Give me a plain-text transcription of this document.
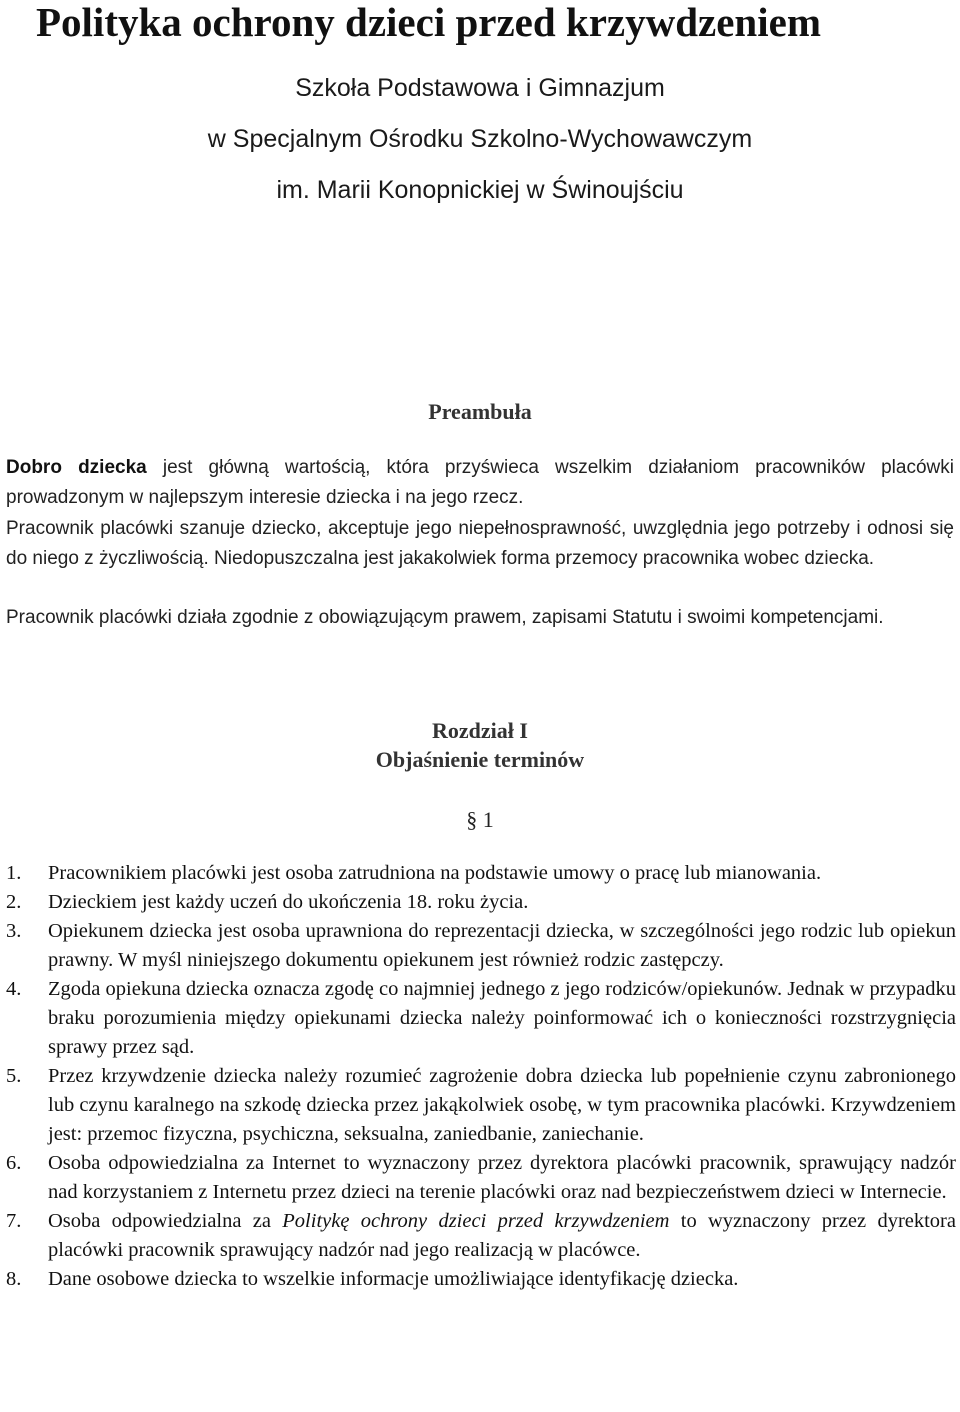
Polityka ochrony dzieci przed krzywdzeniem
Szkoła Podstawowa i Gimnazjum
w Specjalnym Ośrodku Szkolno-Wychowawczym
im. Marii Konopnickiej w Świnoujściu
Preambuła

Dobro dziecka jest główną wartością, która przyświeca wszelkim działaniom pracowników placówki prowadzonym w najlepszym interesie dziecka i na jego rzecz.

Pracownik placówki szanuje dziecko, akceptuje jego niepełnosprawność, uwzględnia jego potrzeby i odnosi się do niego z życzliwością. Niedopuszczalna jest jakakolwiek forma przemocy pracownika wobec dziecka.

Pracownik placówki działa zgodnie z obowiązującym prawem, zapisami Statutu i swoimi kompetencjami.

Rozdział I
Objaśnienie terminów
§ 1
1.	Pracownikiem placówki jest osoba zatrudniona na podstawie umowy o pracę lub mianowania.
2.	Dzieckiem jest każdy uczeń do ukończenia 18. roku życia.
3.	Opiekunem dziecka jest osoba uprawniona do reprezentacji dziecka, w szczególności jego rodzic lub opiekun prawny. W myśl niniejszego dokumentu opiekunem jest również rodzic zastępczy.
4.	Zgoda opiekuna dziecka oznacza zgodę co najmniej jednego z jego rodziców/opiekunów. Jednak w przypadku braku porozumienia między opiekunami dziecka należy poinformować ich o konieczności rozstrzygnięcia sprawy przez sąd.
5.	Przez krzywdzenie dziecka należy rozumieć zagrożenie dobra dziecka lub popełnienie czynu zabronionego lub czynu karalnego na szkodę dziecka przez jakąkolwiek osobę, w tym pracownika placówki. Krzywdzeniem jest: przemoc fizyczna, psychiczna, seksualna, zaniedbanie, zaniechanie.
6.	Osoba odpowiedzialna za Internet to wyznaczony przez dyrektora placówki pracownik, sprawujący nadzór nad korzystaniem z Internetu przez dzieci na terenie placówki oraz nad bezpieczeństwem dzieci w Internecie.
7.	Osoba odpowiedzialna za Politykę ochrony dzieci przed krzywdzeniem to wyznaczony przez dyrektora placówki pracownik sprawujący nadzór nad jego realizacją w placówce.
8.	Dane osobowe dziecka to wszelkie informacje umożliwiające identyfikację dziecka.
